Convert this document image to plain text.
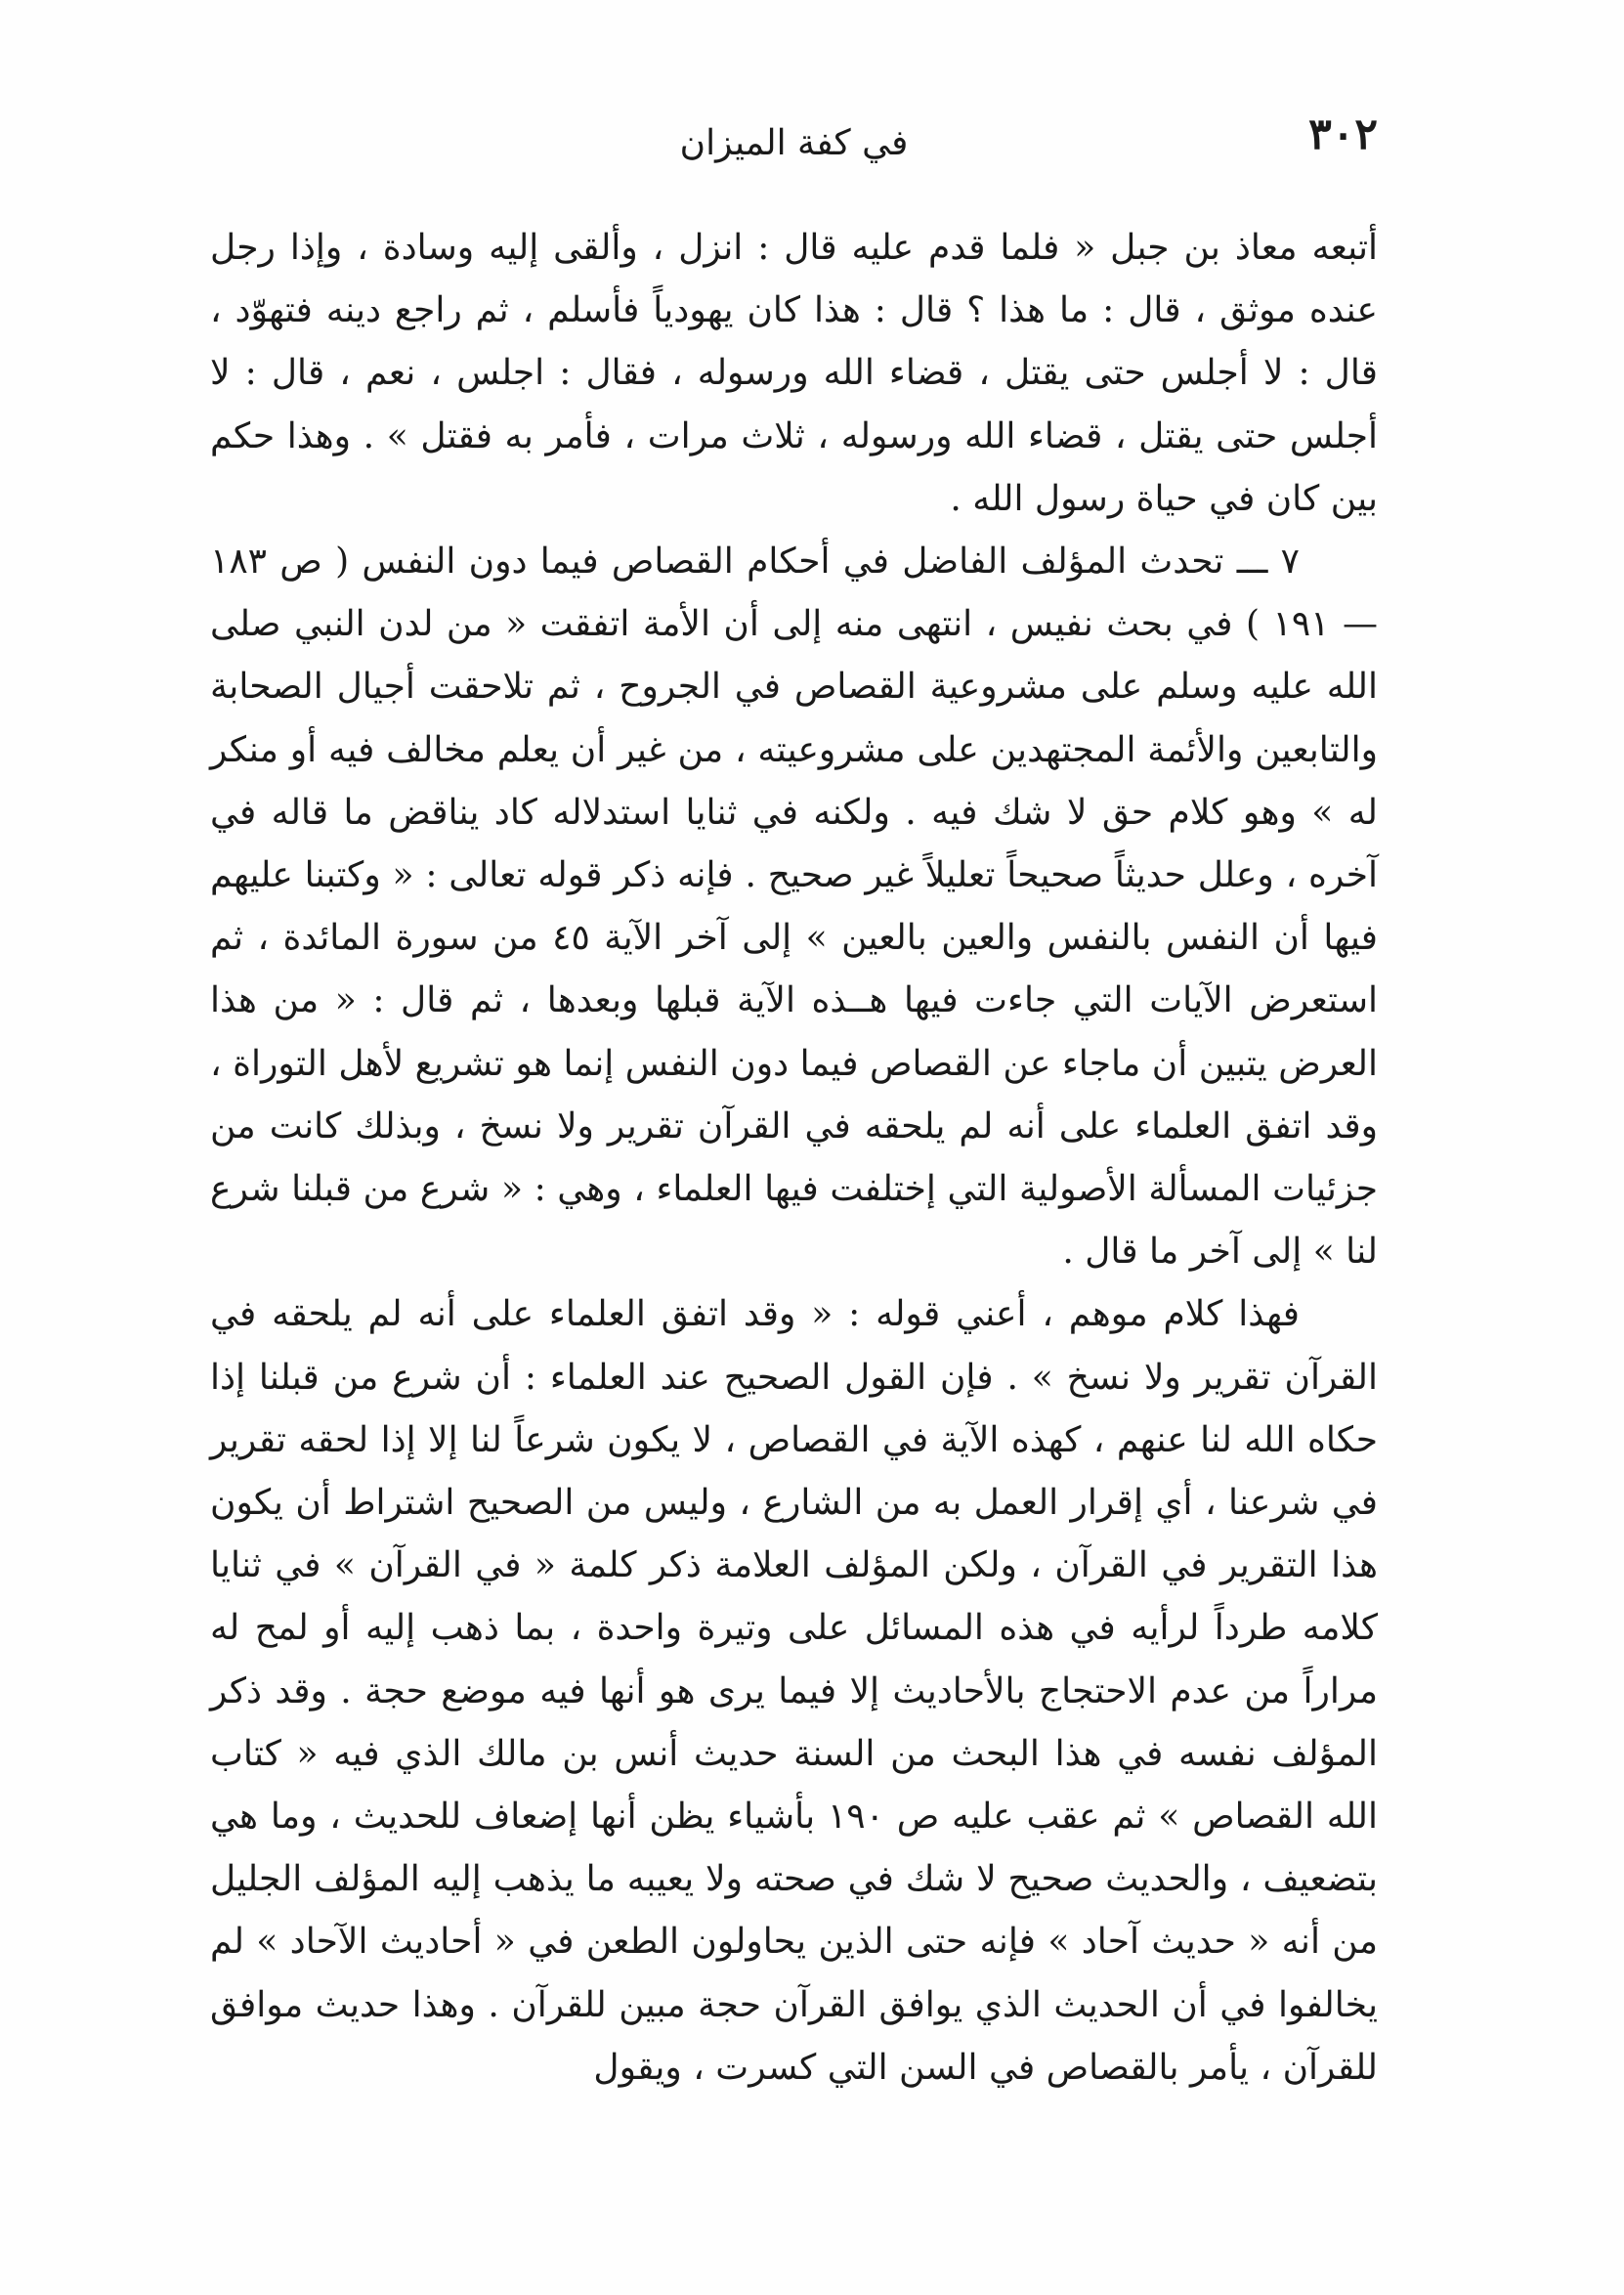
٣٠٢
في كفة الميزان

أتبعه معاذ بن جبل « فلما قدم عليه قال : انزل ، وألقى إليه وسادة ، وإذا رجل عنده موثق ، قال : ما هذا ؟ قال : هذا كان يهودياً فأسلم ، ثم راجع دينه فتهوّد ، قال : لا أجلس حتى يقتل ، قضاء الله ورسوله ، فقال : اجلس ، نعم ، قال : لا أجلس حتى يقتل ، قضاء الله ورسوله ، ثلاث مرات ، فأمر به فقتل » . وهذا حكم بين كان في حياة رسول الله .

٧ ـــ تحدث المؤلف الفاضل في أحكام القصاص فيما دون النفس ( ص ١٨٣ — ١٩١ ) في بحث نفيس ، انتهى منه إلى أن الأمة اتفقت « من لدن النبي صلى الله عليه وسلم على مشروعية القصاص في الجروح ، ثم تلاحقت أجيال الصحابة والتابعين والأئمة المجتهدين على مشروعيته ، من غير أن يعلم مخالف فيه أو منكر له » وهو كلام حق لا شك فيه . ولكنه في ثنايا استدلاله كاد يناقض ما قاله في آخره ، وعلل حديثاً صحيحاً تعليلاً غير صحيح . فإنه ذكر قوله تعالى : « وكتبنا عليهم فيها أن النفس بالنفس والعين بالعين » إلى آخر الآية ٤٥ من سورة المائدة ، ثم استعرض الآيات التي جاءت فيها هــذه الآية قبلها وبعدها ، ثم قال : « من هذا العرض يتبين أن ماجاء عن القصاص فيما دون النفس إنما هو تشريع لأهل التوراة ، وقد اتفق العلماء على أنه لم يلحقه في القرآن تقرير ولا نسخ ، وبذلك كانت من جزئيات المسألة الأصولية التي إختلفت فيها العلماء ، وهي : « شرع من قبلنا شرع لنا » إلى آخر ما قال .

فهذا كلام موهم ، أعني قوله : « وقد اتفق العلماء على أنه لم يلحقه في القرآن تقرير ولا نسخ » . فإن القول الصحيح عند العلماء : أن شرع من قبلنا إذا حكاه الله لنا عنهم ، كهذه الآية في القصاص ، لا يكون شرعاً لنا إلا إذا لحقه تقرير في شرعنا ، أي إقرار العمل به من الشارع ، وليس من الصحيح اشتراط أن يكون هذا التقرير في القرآن ، ولكن المؤلف العلامة ذكر كلمة « في القرآن » في ثنايا كلامه طرداً لرأيه في هذه المسائل على وتيرة واحدة ، بما ذهب إليه أو لمح له مراراً من عدم الاحتجاج بالأحاديث إلا فيما يرى هو أنها فيه موضع حجة . وقد ذكر المؤلف نفسه في هذا البحث من السنة حديث أنس بن مالك الذي فيه « كتاب الله القصاص » ثم عقب عليه ص ١٩٠ بأشياء يظن أنها إضعاف للحديث ، وما هي بتضعيف ، والحديث صحيح لا شك في صحته ولا يعيبه ما يذهب إليه المؤلف الجليل من أنه « حديث آحاد » فإنه حتى الذين يحاولون الطعن في « أحاديث الآحاد » لم يخالفوا في أن الحديث الذي يوافق القرآن حجة مبين للقرآن . وهذا حديث موافق للقرآن ، يأمر بالقصاص في السن التي كسرت ، ويقول
